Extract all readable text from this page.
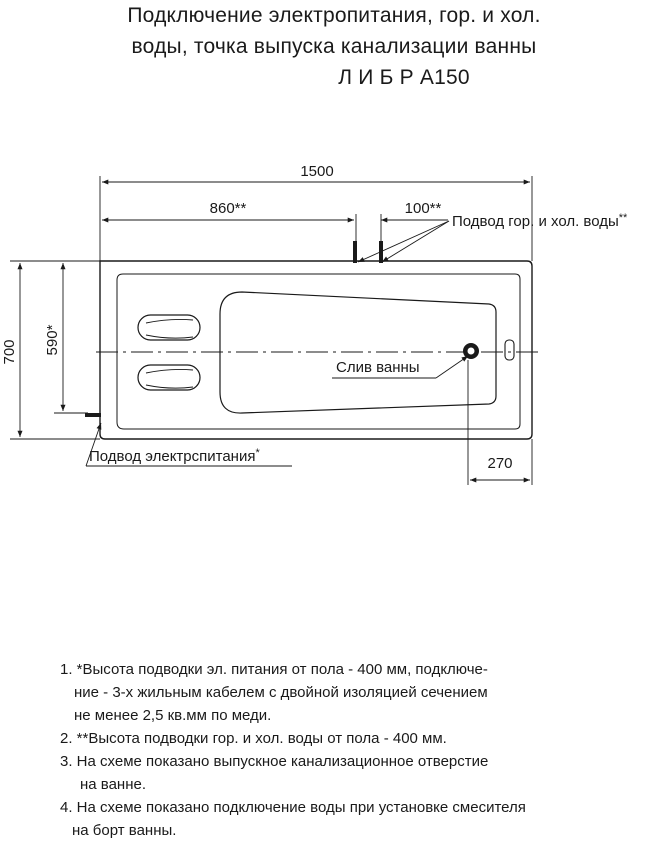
Подключение электропитания, гор. и хол.
воды, точка выпуска канализации ванны
Л И Б Р А150
1500
860**	100**
700 590*
270
Подвод гор. и хол. воды**
Слив ванны
Подвод электрспитания*
1. *Высота подводки эл. питания от пола - 400 мм, подключе-
ние - 3-х жильным кабелем с двойной изоляцией сечением
не менее 2,5 кв.мм по меди.
2. **Высота подводки гор. и хол. воды от пола - 400 мм.
3. На схеме показано выпускное канализационное отверстие
на ванне.
4. На схеме показано подключение воды при установке смесителя
на борт ванны.
